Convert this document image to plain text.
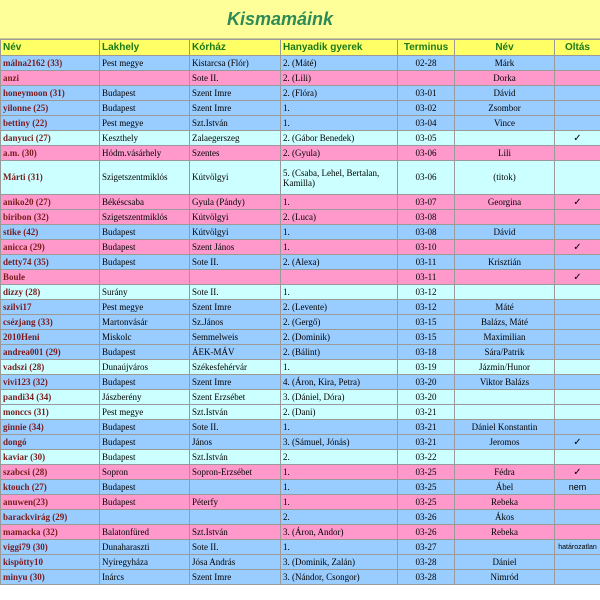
Kismamáink
Név	Lakhely	Kórház	Hanyadik gyerek	Terminus	Név	Oltás
málna2162 (33)	Pest megye	Kistarcsa (Flór)	2. (Máté)	02-28	Márk	
anzi		Sote II.	2. (Lili)		Dorka	
honeymoon (31)	Budapest	Szent Imre	2. (Flóra)	03-01	Dávid	
yilonne (25)	Budapest	Szent Imre	1.	03-02	Zsombor	
bettiny (22)	Pest megye	Szt.István	1.	03-04	Vince	
danyuci (27)	Keszthely	Zalaegerszeg	2. (Gábor Benedek)	03-05		✓
a.m. (30)	Hódm.vásárhely	Szentes	2. (Gyula)	03-06	Lili	
Márti (31)	Szigetszentmiklós	Kútvölgyi	5. (Csaba, Lehel, Bertalan, Kamilla)	03-06	(titok)	
aniko20 (27)	Békéscsaba	Gyula (Pándy)	1.	03-07	Georgina	✓
biribon (32)	Szigetszentmiklós	Kútvölgyi	2. (Luca)	03-08		
stike (42)	Budapest	Kútvölgyi	1.	03-08	Dávid	
anicca (29)	Budapest	Szent János	1.	03-10		✓
detty74 (35)	Budapest	Sote II.	2. (Alexa)	03-11	Krisztián	
Boule				03-11		✓
dizzy (28)	Surány	Sote II.	1.	03-12		
szilvi17	Pest megye	Szent Imre	2. (Levente)	03-12	Máté	
csézjang (33)	Martonvásár	Sz.János	2. (Gergő)	03-15	Balázs, Máté	
2010Heni	Miskolc	Semmelweis	2. (Dominik)	03-15	Maximilian	
andrea001 (29)	Budapest	ÁEK-MÁV	2. (Bálint)	03-18	Sára/Patrik	
vadszi (28)	Dunaújváros	Székesfehérvár	1.	03-19	Jázmin/Hunor	
vivi123 (32)	Budapest	Szent Imre	4. (Áron, Kira, Petra)	03-20	Viktor Balázs	
pandi34 (34)	Jászberény	Szent Erzsébet	3. (Dániel, Dóra)	03-20		
monccs (31)	Pest megye	Szt.István	2. (Dani)	03-21		
ginnie (34)	Budapest	Sote II.	1.	03-21	Dániel Konstantin	
dongó	Budapest	János	3. (Sámuel, Jónás)	03-21	Jeromos	✓
kaviar (30)	Budapest	Szt.István	2.	03-22		
szabcsi (28)	Sopron	Sopron-Erzsébet	1.	03-25	Fédra	✓
ktouch (27)	Budapest		1.	03-25	Ábel	nem
anuwen(23)	Budapest	Péterfy	1.	03-25	Rebeka	
barackvirág (29)			2.	03-26	Ákos	
mamacka (32)	Balatonfüred	Szt.István	3. (Áron, Andor)	03-26	Rebeka	
viggi79 (30)	Dunaharaszti	Sote II.	1.	03-27		határozatlan
kispötty10	Nyíregyháza	Jósa András	3. (Dominik, Zalán)	03-28	Dániel	
minyu (30)	Inárcs	Szent Imre	3. (Nándor, Csongor)	03-28	Nimród	
